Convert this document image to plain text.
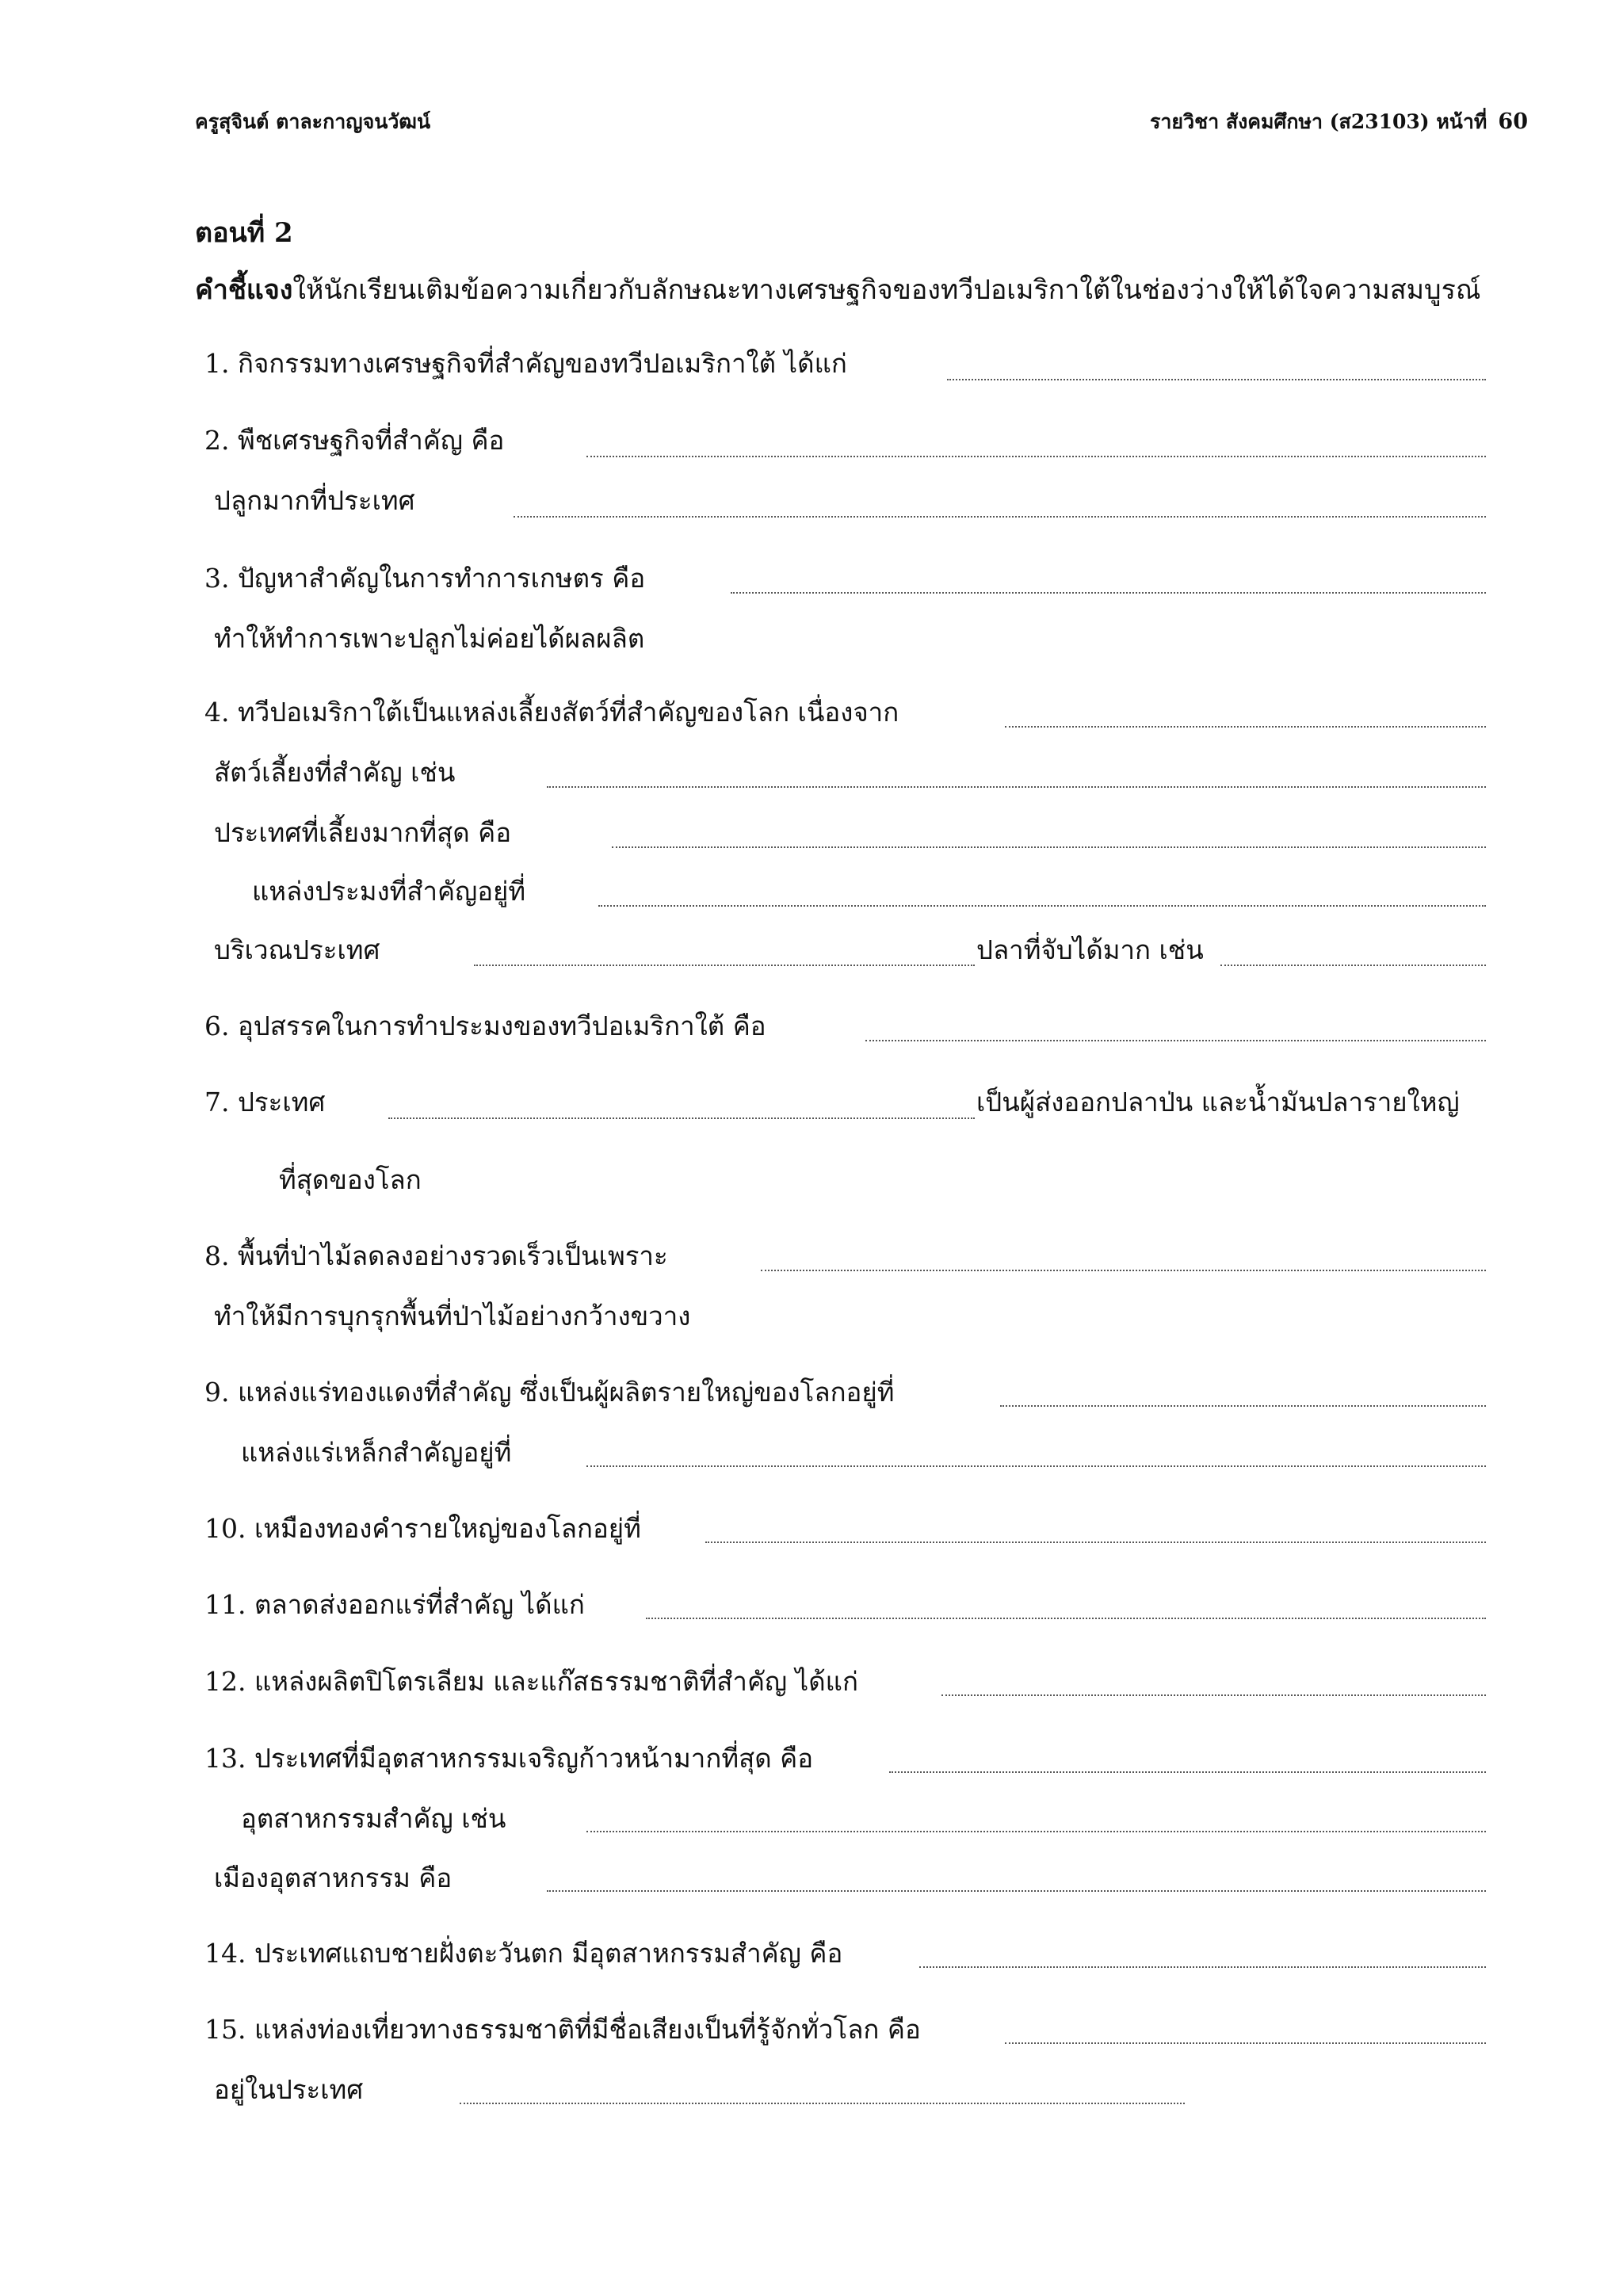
ครูสุจินต์ ตาละกาญจนวัฒน์	รายวิชา สังคมศึกษา (ส23103) หน้าที่ 60
ตอนที่ 2
คำชี้แจงให้นักเรียนเติมข้อความเกี่ยวกับลักษณะทางเศรษฐกิจของทวีปอเมริกาใต้ในช่องว่างให้ได้ใจความสมบูรณ์
1. กิจกรรมทางเศรษฐกิจที่สำคัญของทวีปอเมริกาใต้ ได้แก่
2. พืชเศรษฐกิจที่สำคัญ คือ
ปลูกมากที่ประเทศ
3. ปัญหาสำคัญในการทำการเกษตร คือ
ทำให้ทำการเพาะปลูกไม่ค่อยได้ผลผลิต
4. ทวีปอเมริกาใต้เป็นแหล่งเลี้ยงสัตว์ที่สำคัญของโลก เนื่องจาก
สัตว์เลี้ยงที่สำคัญ เช่น
ประเทศที่เลี้ยงมากที่สุด คือ
แหล่งประมงที่สำคัญอยู่ที่
บริเวณประเทศ	ปลาที่จับได้มาก เช่น
6. อุปสรรคในการทำประมงของทวีปอเมริกาใต้ คือ
7. ประเทศ	เป็นผู้ส่งออกปลาป่น และน้ำมันปลารายใหญ่
ที่สุดของโลก
8. พื้นที่ป่าไม้ลดลงอย่างรวดเร็วเป็นเพราะ
ทำให้มีการบุกรุกพื้นที่ป่าไม้อย่างกว้างขวาง
9. แหล่งแร่ทองแดงที่สำคัญ ซึ่งเป็นผู้ผลิตรายใหญ่ของโลกอยู่ที่
แหล่งแร่เหล็กสำคัญอยู่ที่
10. เหมืองทองคำรายใหญ่ของโลกอยู่ที่
11. ตลาดส่งออกแร่ที่สำคัญ ได้แก่
12. แหล่งผลิตปิโตรเลียม และแก๊สธรรมชาติที่สำคัญ ได้แก่
13. ประเทศที่มีอุตสาหกรรมเจริญก้าวหน้ามากที่สุด คือ
อุตสาหกรรมสำคัญ เช่น
เมืองอุตสาหกรรม คือ
14. ประเทศแถบชายฝั่งตะวันตก มีอุตสาหกรรมสำคัญ คือ
15. แหล่งท่องเที่ยวทางธรรมชาติที่มีชื่อเสียงเป็นที่รู้จักทั่วโลก คือ
อยู่ในประเทศ
